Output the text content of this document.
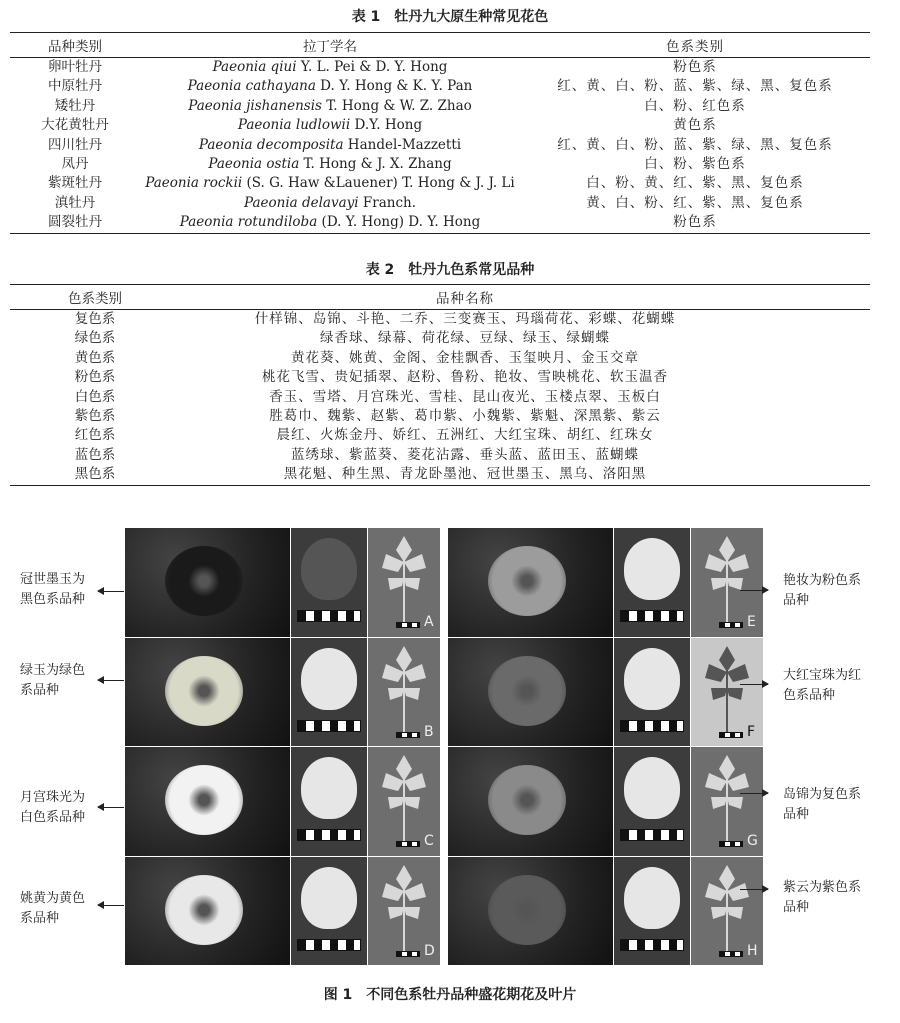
表 1　牡丹九大原生种常见花色
品种类别	拉丁学名	色系类别
卵叶牡丹	Paeonia qiui Y. L. Pei & D. Y. Hong	粉色系
中原牡丹	Paeonia cathayana D. Y. Hong & K. Y. Pan	红、黄、白、粉、蓝、紫、绿、黑、复色系
矮牡丹	Paeonia jishanensis T. Hong & W. Z. Zhao	白、粉、红色系
大花黄牡丹	Paeonia ludlowii D.Y. Hong	黄色系
四川牡丹	Paeonia decomposita Handel-Mazzetti	红、黄、白、粉、蓝、紫、绿、黑、复色系
凤丹	Paeonia ostia T. Hong & J. X. Zhang	白、粉、紫色系
紫斑牡丹	Paeonia rockii (S. G. Haw &Lauener) T. Hong & J. J. Li	白、粉、黄、红、紫、黑、复色系
滇牡丹	Paeonia delavayi Franch.	黄、白、粉、红、紫、黑、复色系
圆裂牡丹	Paeonia rotundiloba (D. Y. Hong) D. Y. Hong	粉色系
表 2　牡丹九色系常见品种
色系类别	品种名称
复色系	什样锦、岛锦、斗艳、二乔、三变赛玉、玛瑙荷花、彩蝶、花蝴蝶
绿色系	绿香球、绿幕、荷花绿、豆绿、绿玉、绿蝴蝶
黄色系	黄花葵、姚黄、金阁、金桂飘香、玉玺映月、金玉交章
粉色系	桃花飞雪、贵妃插翠、赵粉、鲁粉、艳妆、雪映桃花、软玉温香
白色系	香玉、雪塔、月宫珠光、雪桂、昆山夜光、玉楼点翠、玉板白
紫色系	胜葛巾、魏紫、赵紫、葛巾紫、小魏紫、紫魁、深黑紫、紫云
红色系	晨红、火炼金丹、娇红、五洲红、大红宝珠、胡红、红珠女
蓝色系	蓝绣球、紫蓝葵、菱花沾露、垂头蓝、蓝田玉、蓝蝴蝶
黑色系	黑花魁、种生黑、青龙卧墨池、冠世墨玉、黑乌、洛阳黑
A
B
C
D
E
F
G
H
冠世墨玉为
黑色系品种
绿玉为绿色
系品种
月宫珠光为
白色系品种
姚黄为黄色
系品种
艳妆为粉色系
品种
大红宝珠为红
色系品种
岛锦为复色系
品种
紫云为紫色系
品种
图 1　不同色系牡丹品种盛花期花及叶片
